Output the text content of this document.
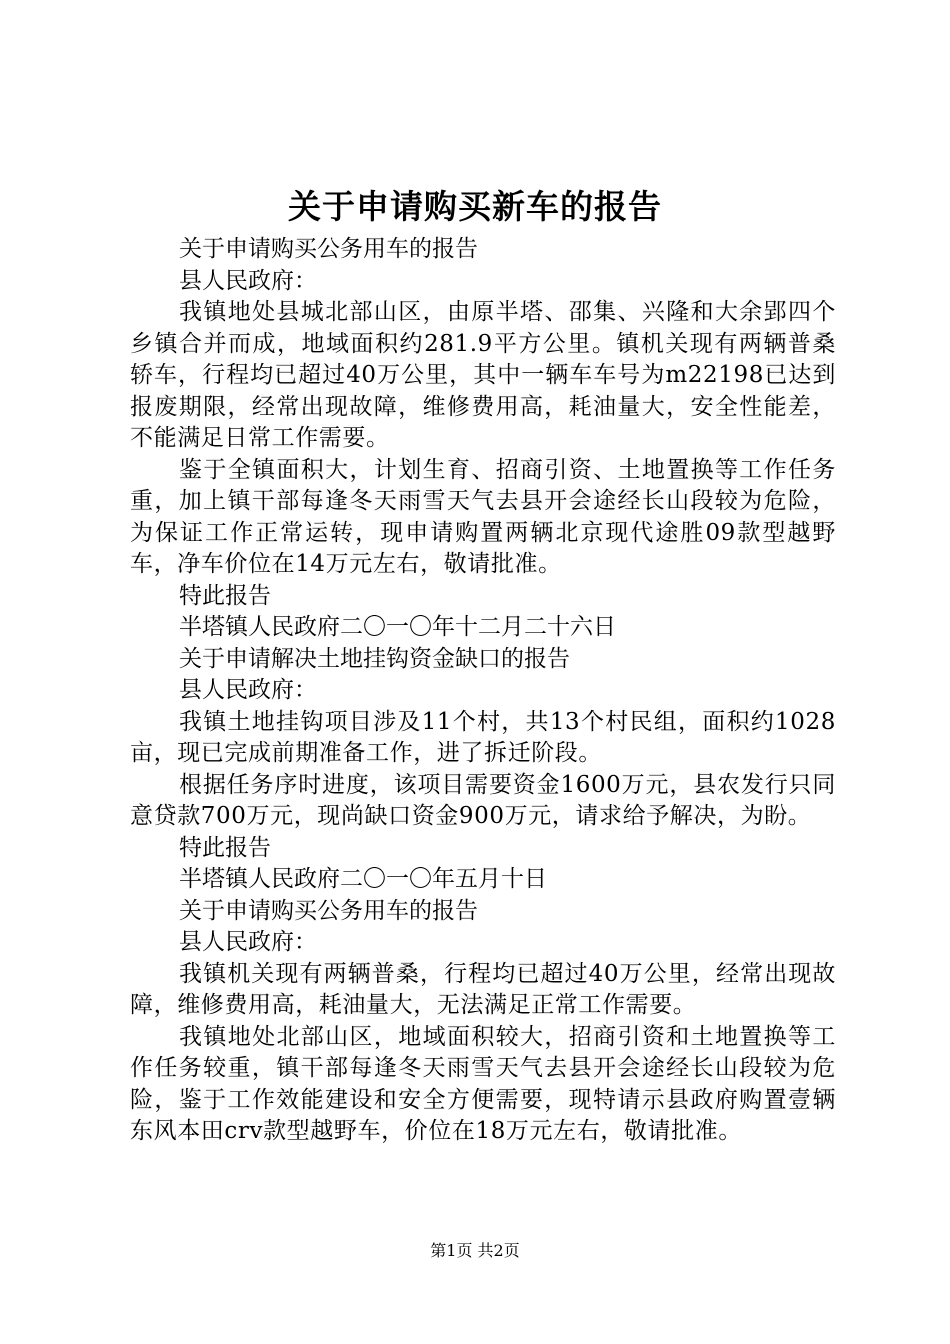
关于申请购买新车的报告
关于申请购买公务用车的报告
县人民政府：
我镇地处县城北部山区，由原半塔、邵集、兴隆和大余郢四个乡镇合并而成，地域面积约281.9平方公里。镇机关现有两辆普桑轿车，行程均已超过40万公里，其中一辆车车号为m22198已达到报废期限，经常出现故障，维修费用高，耗油量大，安全性能差，不能满足日常工作需要。
鉴于全镇面积大，计划生育、招商引资、土地置换等工作任务重，加上镇干部每逢冬天雨雪天气去县开会途经长山段较为危险，为保证工作正常运转，现申请购置两辆北京现代途胜09款型越野车，净车价位在14万元左右，敬请批准。
特此报告
半塔镇人民政府二〇一〇年十二月二十六日
关于申请解决土地挂钩资金缺口的报告
县人民政府：
我镇土地挂钩项目涉及11个村，共13个村民组，面积约1028亩，现已完成前期准备工作，进了拆迁阶段。
根据任务序时进度，该项目需要资金1600万元，县农发行只同意贷款700万元，现尚缺口资金900万元，请求给予解决，为盼。
特此报告
半塔镇人民政府二〇一〇年五月十日
关于申请购买公务用车的报告
县人民政府：
我镇机关现有两辆普桑，行程均已超过40万公里，经常出现故障，维修费用高，耗油量大，无法满足正常工作需要。
我镇地处北部山区，地域面积较大，招商引资和土地置换等工作任务较重，镇干部每逢冬天雨雪天气去县开会途经长山段较为危险，鉴于工作效能建设和安全方便需要，现特请示县政府购置壹辆东风本田crv款型越野车，价位在18万元左右，敬请批准。
第1页 共2页
